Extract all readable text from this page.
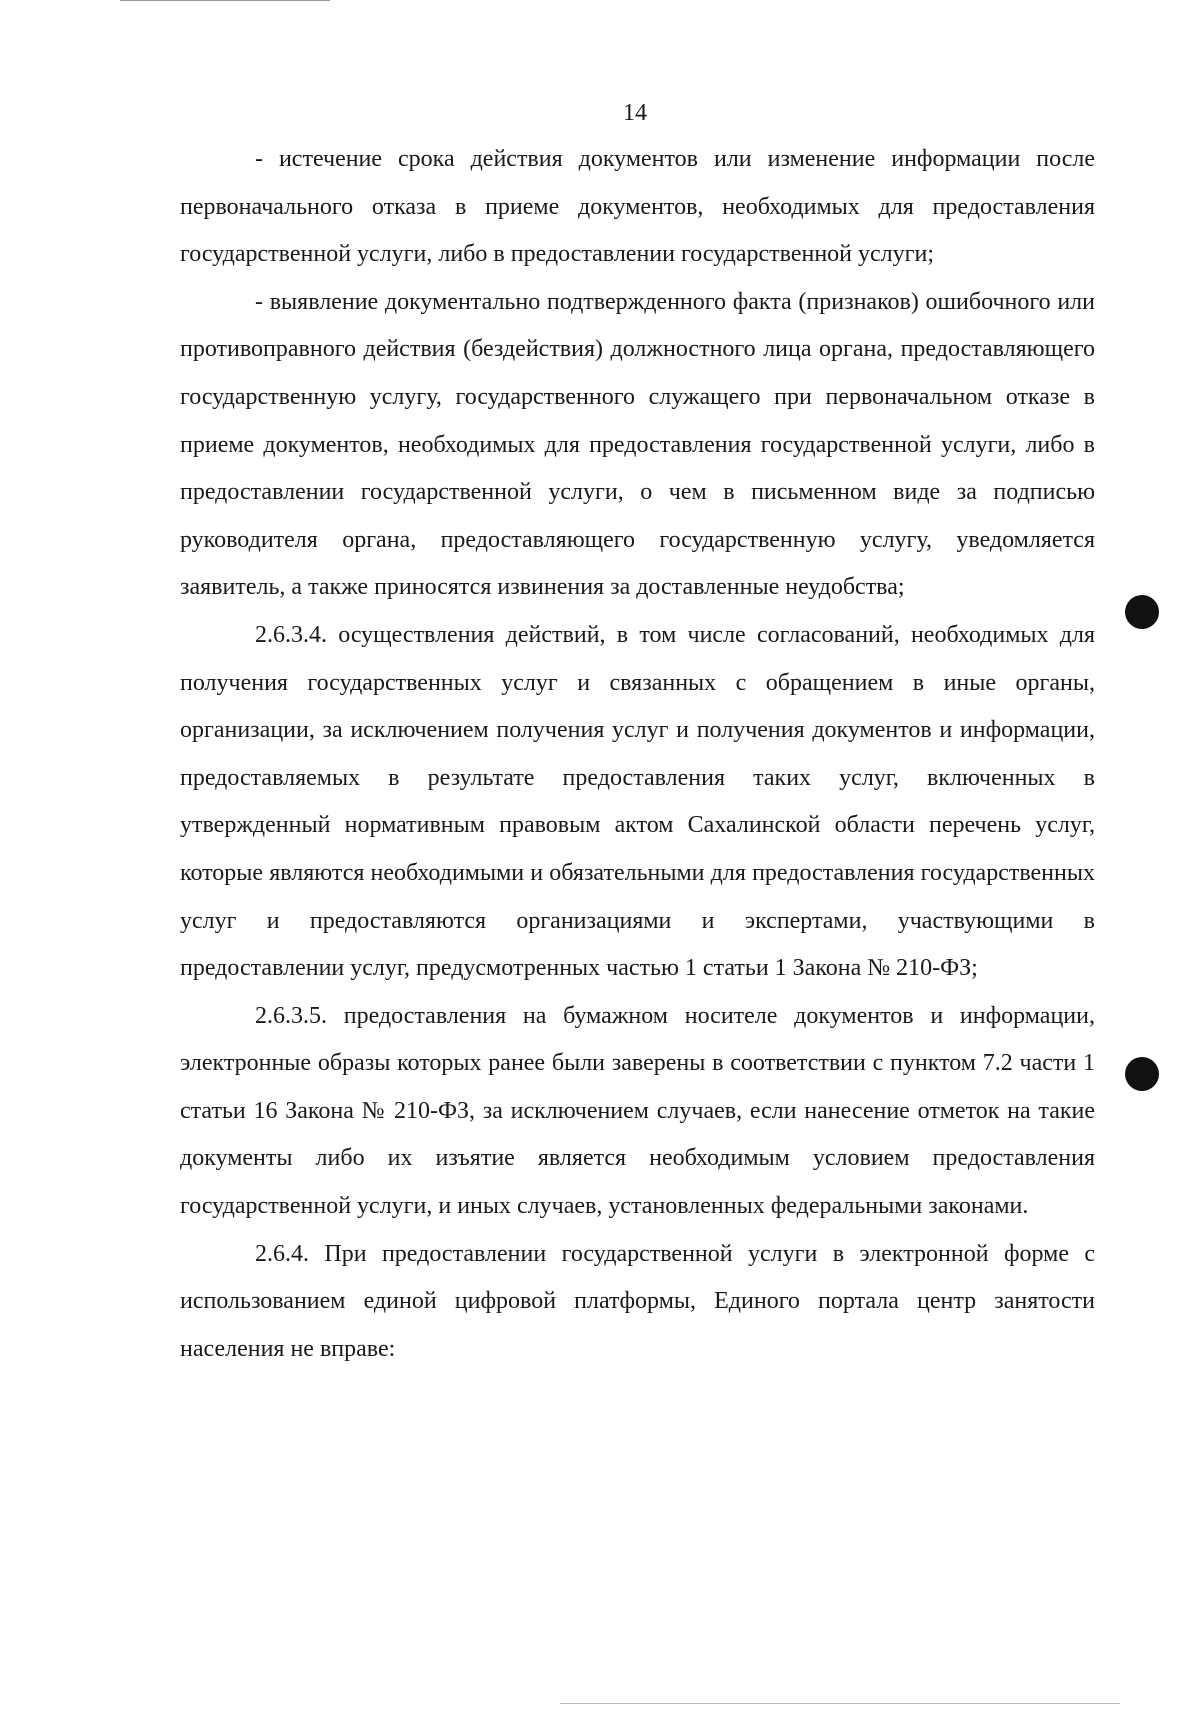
14

- истечение срока действия документов или изменение информации после первоначального отказа в приеме документов, необходимых для предоставления государственной услуги, либо в предоставлении государственной услуги;

- выявление документально подтвержденного факта (признаков) ошибочного или противоправного действия (бездействия) должностного лица органа, предоставляющего государственную услугу, государственного служащего при первоначальном отказе в приеме документов, необходимых для предоставления государственной услуги, либо в предоставлении государственной услуги, о чем в письменном виде за подписью руководителя органа, предоставляющего государственную услугу, уведомляется заявитель, а также приносятся извинения за доставленные неудобства;

2.6.3.4. осуществления действий, в том числе согласований, необходимых для получения государственных услуг и связанных с обращением в иные органы, организации, за исключением получения услуг и получения документов и информации, предоставляемых в результате предоставления таких услуг, включенных в утвержденный нормативным правовым актом Сахалинской области перечень услуг, которые являются необходимыми и обязательными для предоставления государственных услуг и предоставляются организациями и экспертами, участвующими в предоставлении услуг, предусмотренных частью 1 статьи 1 Закона № 210-ФЗ;

2.6.3.5. предоставления на бумажном носителе документов и информации, электронные образы которых ранее были заверены в соответствии с пунктом 7.2 части 1 статьи 16 Закона № 210-ФЗ, за исключением случаев, если нанесение отметок на такие документы либо их изъятие является необходимым условием предоставления государственной услуги, и иных случаев, установленных федеральными законами.

2.6.4. При предоставлении государственной услуги в электронной форме с использованием единой цифровой платформы, Единого портала центр занятости населения не вправе:
